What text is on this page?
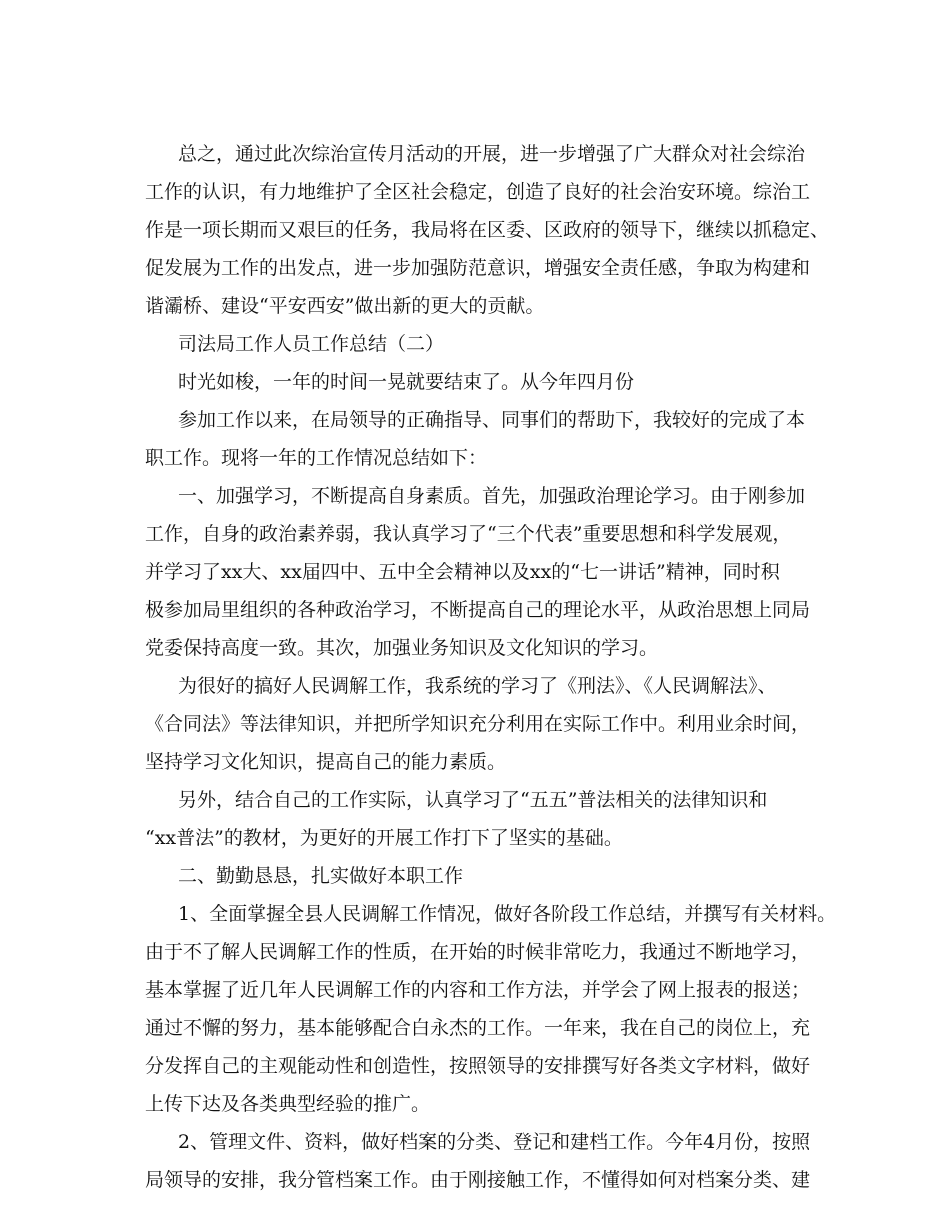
总之，通过此次综治宣传月活动的开展，进一步增强了广大群众对社会综治

工作的认识，有力地维护了全区社会稳定，创造了良好的社会治安环境。综治工

作是一项长期而又艰巨的任务，我局将在区委、区政府的领导下，继续以抓稳定、

促发展为工作的出发点，进一步加强防范意识，增强安全责任感，争取为构建和

谐灞桥、建设“平安西安”做出新的更大的贡献。

司法局工作人员工作总结（二）

时光如梭，一年的时间一晃就要结束了。从今年四月份

参加工作以来，在局领导的正确指导、同事们的帮助下，我较好的完成了本

职工作。现将一年的工作情况总结如下：

一、加强学习，不断提高自身素质。首先，加强政治理论学习。由于刚参加

工作，自身的政治素养弱，我认真学习了“三个代表”重要思想和科学发展观，

并学习了xx大、xx届四中、五中全会精神以及xx的“七一讲话”精神，同时积

极参加局里组织的各种政治学习，不断提高自己的理论水平，从政治思想上同局

党委保持高度一致。其次，加强业务知识及文化知识的学习。

为很好的搞好人民调解工作，我系统的学习了《刑法》、《人民调解法》、

《合同法》等法律知识，并把所学知识充分利用在实际工作中。利用业余时间，

坚持学习文化知识，提高自己的能力素质。

另外，结合自己的工作实际，认真学习了“五五”普法相关的法律知识和

“xx普法”的教材，为更好的开展工作打下了坚实的基础。

二、勤勤恳恳，扎实做好本职工作

1、全面掌握全县人民调解工作情况，做好各阶段工作总结，并撰写有关材料。

由于不了解人民调解工作的性质，在开始的时候非常吃力，我通过不断地学习，

基本掌握了近几年人民调解工作的内容和工作方法，并学会了网上报表的报送；

通过不懈的努力，基本能够配合白永杰的工作。一年来，我在自己的岗位上，充

分发挥自己的主观能动性和创造性，按照领导的安排撰写好各类文字材料，做好

上传下达及各类典型经验的推广。

2、管理文件、资料，做好档案的分类、登记和建档工作。今年4月份，按照

局领导的安排，我分管档案工作。由于刚接触工作，不懂得如何对档案分类、建
